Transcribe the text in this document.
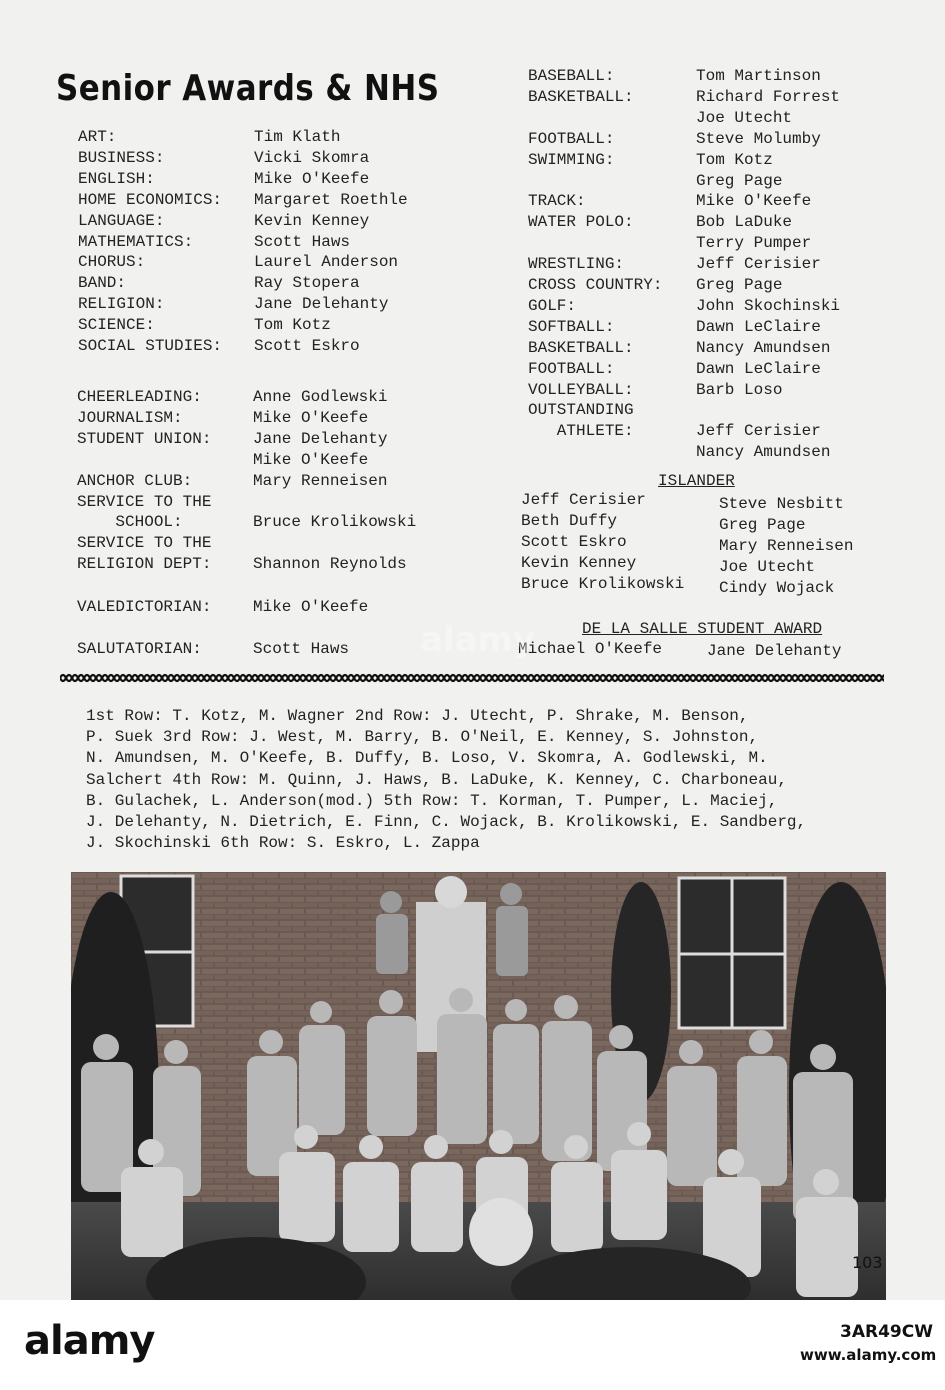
Senior Awards & NHS
ART:	Tim Klath
BUSINESS:	Vicki Skomra
ENGLISH:	Mike O'Keefe
HOME ECONOMICS: Margaret Roethle
LANGUAGE:	Kevin Kenney
MATHEMATICS:	Scott Haws
CHORUS:	Laurel Anderson
BAND:	Ray Stopera
RELIGION:	Jane Delehanty
SCIENCE:	Tom Kotz
SOCIAL STUDIES: Scott Eskro
CHEERLEADING:	Anne Godlewski
JOURNALISM:	Mike O'Keefe
STUDENT UNION:	Jane Delehanty
Mike O'Keefe
ANCHOR CLUB:	Mary Renneisen
SERVICE TO THE
SCHOOL:	Bruce Krolikowski
SERVICE TO THE
RELIGION DEPT:	Shannon Reynolds
VALEDICTORIAN:	Mike O'Keefe
SALUTATORIAN:	Scott Haws
BASEBALL:	Tom Martinson
BASKETBALL:	Richard Forrest
Joe Utecht
FOOTBALL:	Steve Molumby
SWIMMING:	Tom Kotz
Greg Page
TRACK:	Mike O'Keefe
WATER POLO:	Bob LaDuke
Terry Pumper
WRESTLING:	Jeff Cerisier
CROSS COUNTRY: Greg Page
GOLF:	John Skochinski
SOFTBALL:	Dawn LeClaire
BASKETBALL:	Nancy Amundsen
FOOTBALL:	Dawn LeClaire
VOLLEYBALL:	Barb Loso
OUTSTANDING
ATHLETE:	Jeff Cerisier
Nancy Amundsen
ISLANDER
Jeff Cerisier
Beth Duffy
Scott Eskro
Kevin Kenney
Bruce Krolikowski
Steve Nesbitt
Greg Page
Mary Renneisen
Joe Utecht
Cindy Wojack
DE LA SALLE STUDENT AWARD
Michael O'Keefe	Jane Delehanty
1st Row: T. Kotz, M. Wagner 2nd Row: J. Utecht, P. Shrake, M. Benson,
P. Suek 3rd Row: J. West, M. Barry, B. O'Neil, E. Kenney, S. Johnston,
N. Amundsen, M. O'Keefe, B. Duffy, B. Loso, V. Skomra, A. Godlewski, M.
Salchert 4th Row: M. Quinn, J. Haws, B. LaDuke, K. Kenney, C. Charboneau,
B. Gulachek, L. Anderson(mod.) 5th Row: T. Korman, T. Pumper, L. Maciej,
J. Delehanty, N. Dietrich, E. Finn, C. Wojack, B. Krolikowski, E. Sandberg,
J. Skochinski 6th Row: S. Eskro, L. Zappa
103
alamy
alamy	3AR49CW
www.alamy.com
